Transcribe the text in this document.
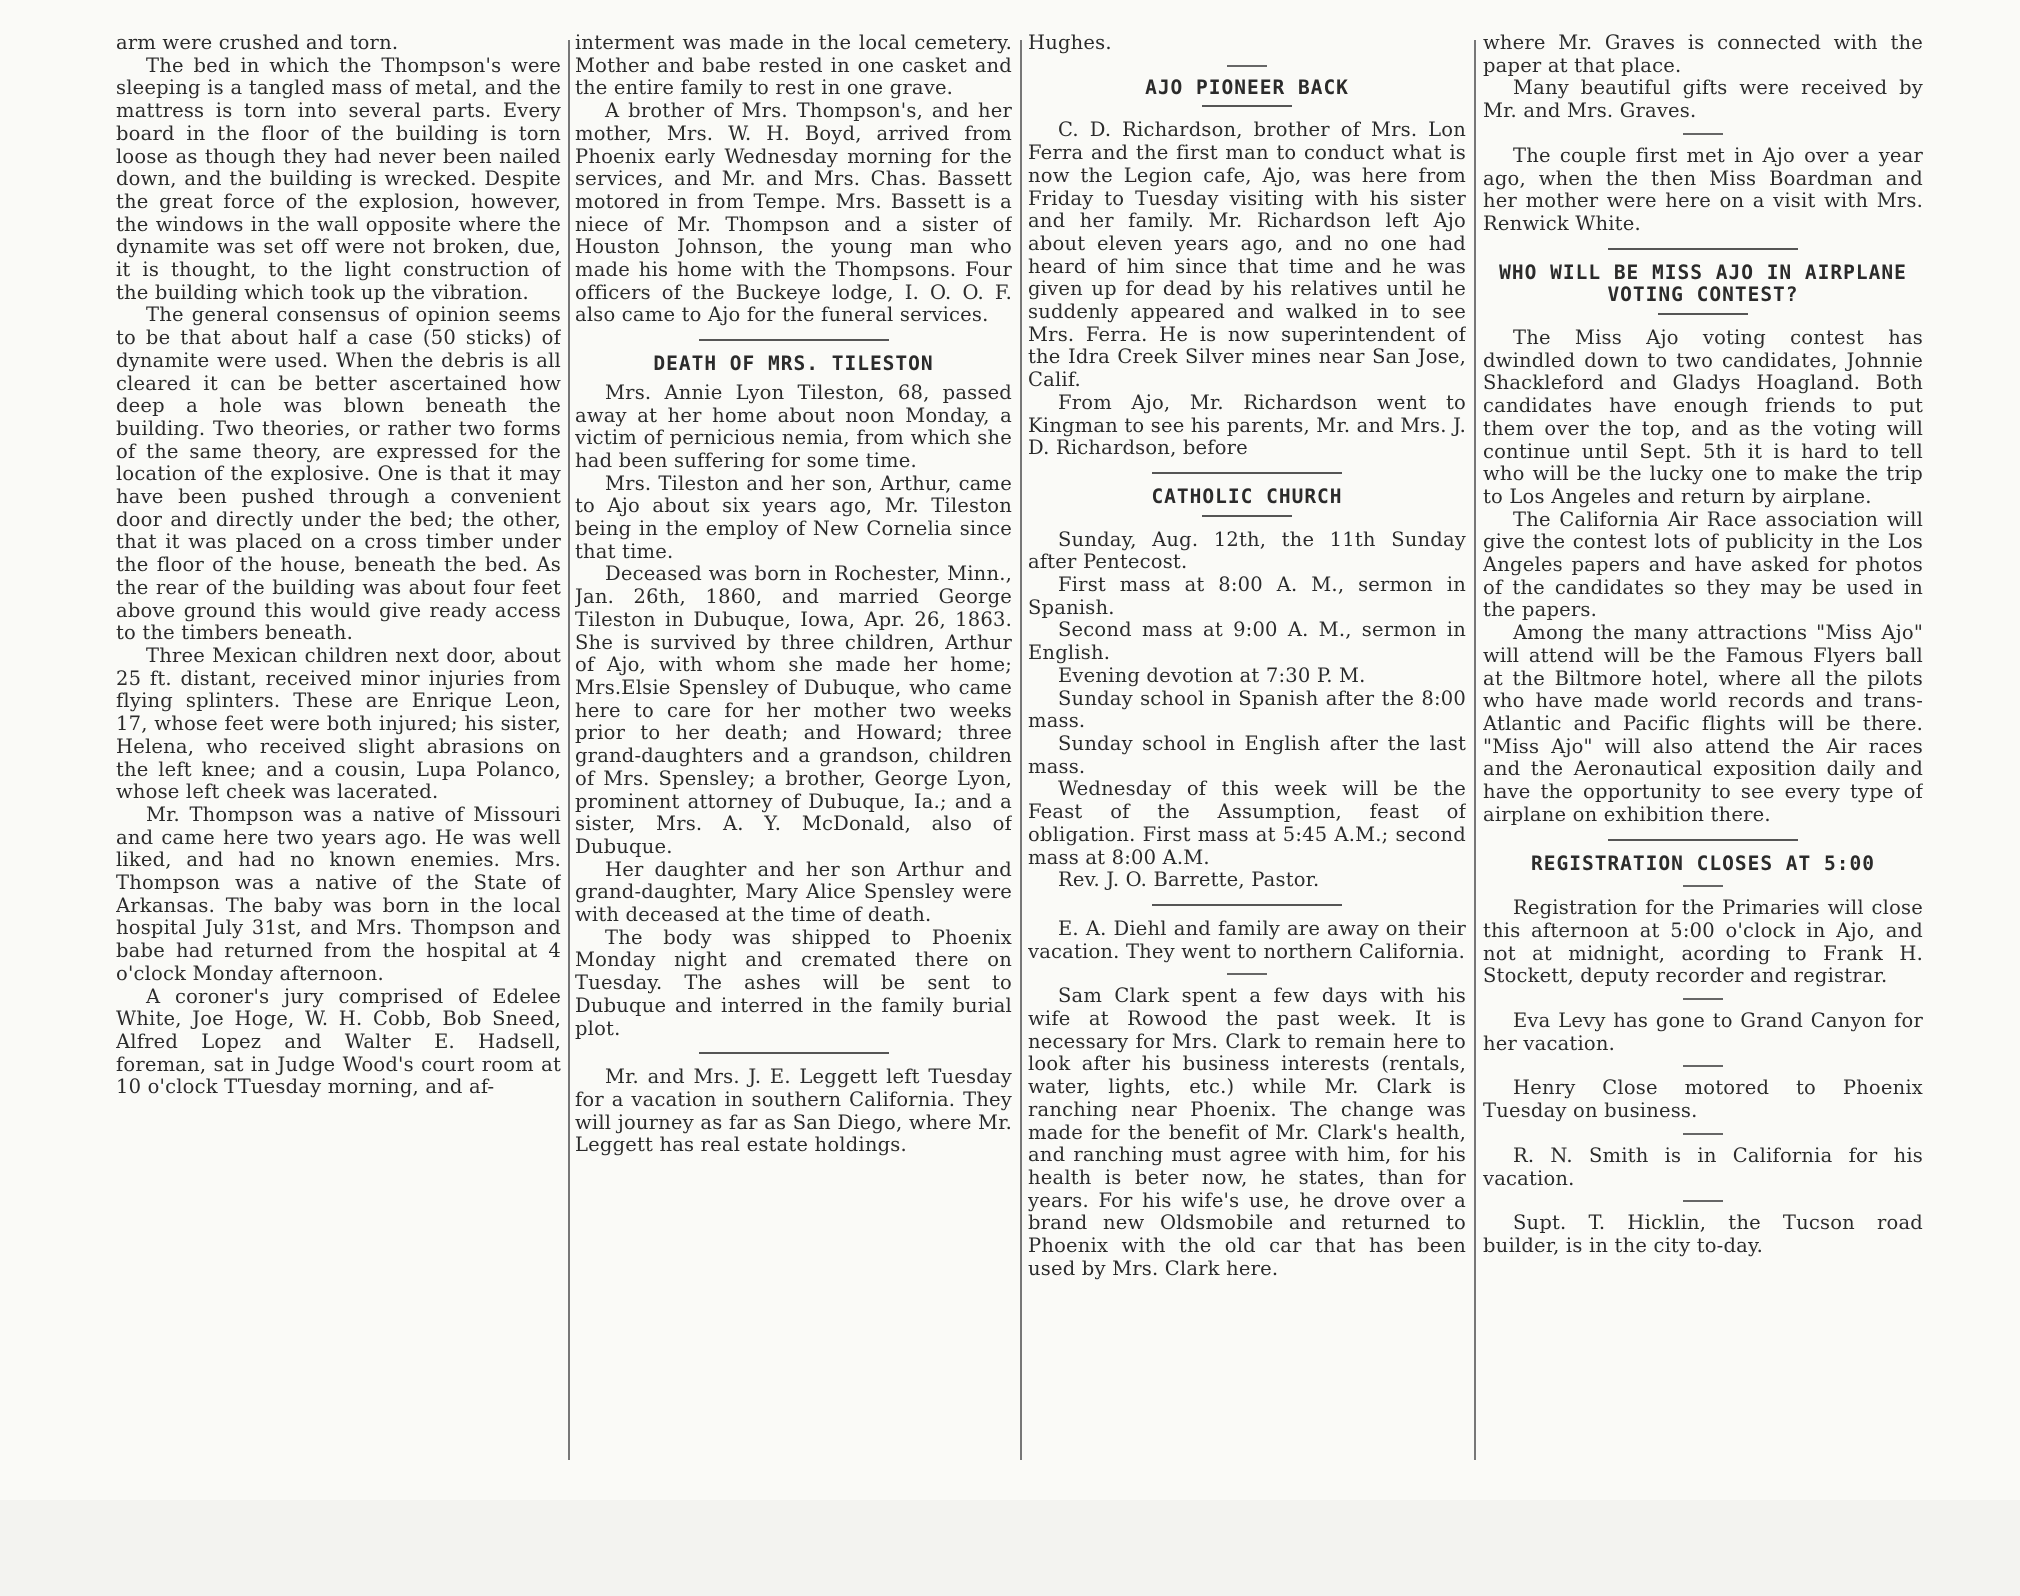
arm were crushed and torn.

The bed in which the Thompson's were sleeping is a tangled mass of metal, and the mattress is torn into several parts. Every board in the floor of the building is torn loose as though they had never been nailed down, and the building is wrecked. Despite the great force of the explosion, however, the windows in the wall opposite where the dynamite was set off were not broken, due, it is thought, to the light construction of the building which took up the vibration.

The general consensus of opinion seems to be that about half a case (50 sticks) of dynamite were used. When the debris is all cleared it can be better ascertained how deep a hole was blown beneath the building. Two theories, or rather two forms of the same theory, are expressed for the location of the explosive. One is that it may have been pushed through a convenient door and directly under the bed; the other, that it was placed on a cross timber under the floor of the house, beneath the bed. As the rear of the building was about four feet above ground this would give ready access to the timbers beneath.

Three Mexican children next door, about 25 ft. distant, received minor injuries from flying splinters. These are Enrique Leon, 17, whose feet were both injured; his sister, Helena, who received slight abrasions on the left knee; and a cousin, Lupa Polanco, whose left cheek was lacerated.

Mr. Thompson was a native of Missouri and came here two years ago. He was well liked, and had no known enemies. Mrs. Thompson was a native of the State of Arkansas. The baby was born in the local hospital July 31st, and Mrs. Thompson and babe had returned from the hospital at 4 o'clock Monday afternoon.

A coroner's jury comprised of Edelee White, Joe Hoge, W. H. Cobb, Bob Sneed, Alfred Lopez and Walter E. Hadsell, foreman, sat in Judge Wood's court room at 10 o'clock TTuesday morning, and af-

interment was made in the local cemetery. Mother and babe rested in one casket and the entire family to rest in one grave.

A brother of Mrs. Thompson's, and her mother, Mrs. W. H. Boyd, arrived from Phoenix early Wednesday morning for the services, and Mr. and Mrs. Chas. Bassett motored in from Tempe. Mrs. Bassett is a niece of Mr. Thompson and a sister of Houston Johnson, the young man who made his home with the Thompsons. Four officers of the Buckeye lodge, I. O. O. F. also came to Ajo for the funeral services.

DEATH OF MRS. TILESTON

Mrs. Annie Lyon Tileston, 68, passed away at her home about noon Monday, a victim of pernicious nemia, from which she had been suffering for some time.

Mrs. Tileston and her son, Arthur, came to Ajo about six years ago, Mr. Tileston being in the employ of New Cornelia since that time.

Deceased was born in Rochester, Minn., Jan. 26th, 1860, and married George Tileston in Dubuque, Iowa, Apr. 26, 1863. She is survived by three children, Arthur of Ajo, with whom she made her home; Mrs.Elsie Spensley of Dubuque, who came here to care for her mother two weeks prior to her death; and Howard; three grand-daughters and a grandson, children of Mrs. Spensley; a brother, George Lyon, prominent attorney of Dubuque, Ia.; and a sister, Mrs. A. Y. McDonald, also of Dubuque.

Her daughter and her son Arthur and grand-daughter, Mary Alice Spensley were with deceased at the time of death.

The body was shipped to Phoenix Monday night and cremated there on Tuesday. The ashes will be sent to Dubuque and interred in the family burial plot.

Mr. and Mrs. J. E. Leggett left Tuesday for a vacation in southern California. They will journey as far as San Diego, where Mr. Leggett has real estate holdings.

Hughes.

AJO PIONEER BACK

C. D. Richardson, brother of Mrs. Lon Ferra and the first man to conduct what is now the Legion cafe, Ajo, was here from Friday to Tuesday visiting with his sister and her family. Mr. Richardson left Ajo about eleven years ago, and no one had heard of him since that time and he was given up for dead by his relatives until he suddenly appeared and walked in to see Mrs. Ferra. He is now superintendent of the Idra Creek Silver mines near San Jose, Calif.

From Ajo, Mr. Richardson went to Kingman to see his parents, Mr. and Mrs. J. D. Richardson, before

CATHOLIC CHURCH

Sunday, Aug. 12th, the 11th Sunday after Pentecost.

First mass at 8:00 A. M., sermon in Spanish.

Second mass at 9:00 A. M., sermon in English.

Evening devotion at 7:30 P. M.

Sunday school in Spanish after the 8:00 mass.

Sunday school in English after the last mass.

Wednesday of this week will be the Feast of the Assumption, feast of obligation. First mass at 5:45 A.M.; second mass at 8:00 A.M.

Rev. J. O. Barrette, Pastor.

E. A. Diehl and family are away on their vacation. They went to northern California.

Sam Clark spent a few days with his wife at Rowood the past week. It is necessary for Mrs. Clark to remain here to look after his business interests (rentals, water, lights, etc.) while Mr. Clark is ranching near Phoenix. The change was made for the benefit of Mr. Clark's health, and ranching must agree with him, for his health is beter now, he states, than for years. For his wife's use, he drove over a brand new Oldsmobile and returned to Phoenix with the old car that has been used by Mrs. Clark here.

where Mr. Graves is connected with the paper at that place.

Many beautiful gifts were received by Mr. and Mrs. Graves.

The couple first met in Ajo over a year ago, when the then Miss Boardman and her mother were here on a visit with Mrs. Renwick White.

WHO WILL BE MISS AJO IN AIRPLANE VOTING CONTEST?

The Miss Ajo voting contest has dwindled down to two candidates, Johnnie Shackleford and Gladys Hoagland. Both candidates have enough friends to put them over the top, and as the voting will continue until Sept. 5th it is hard to tell who will be the lucky one to make the trip to Los Angeles and return by airplane.

The California Air Race association will give the contest lots of publicity in the Los Angeles papers and have asked for photos of the candidates so they may be used in the papers.

Among the many attractions "Miss Ajo" will attend will be the Famous Flyers ball at the Biltmore hotel, where all the pilots who have made world records and trans-Atlantic and Pacific flights will be there. "Miss Ajo" will also attend the Air races and the Aeronautical exposition daily and have the opportunity to see every type of airplane on exhibition there.

REGISTRATION CLOSES AT 5:00

Registration for the Primaries will close this afternoon at 5:00 o'clock in Ajo, and not at midnight, acording to Frank H. Stockett, deputy recorder and registrar.

Eva Levy has gone to Grand Canyon for her vacation.

Henry Close motored to Phoenix Tuesday on business.

R. N. Smith is in California for his vacation.

Supt. T. Hicklin, the Tucson road builder, is in the city to-day.
